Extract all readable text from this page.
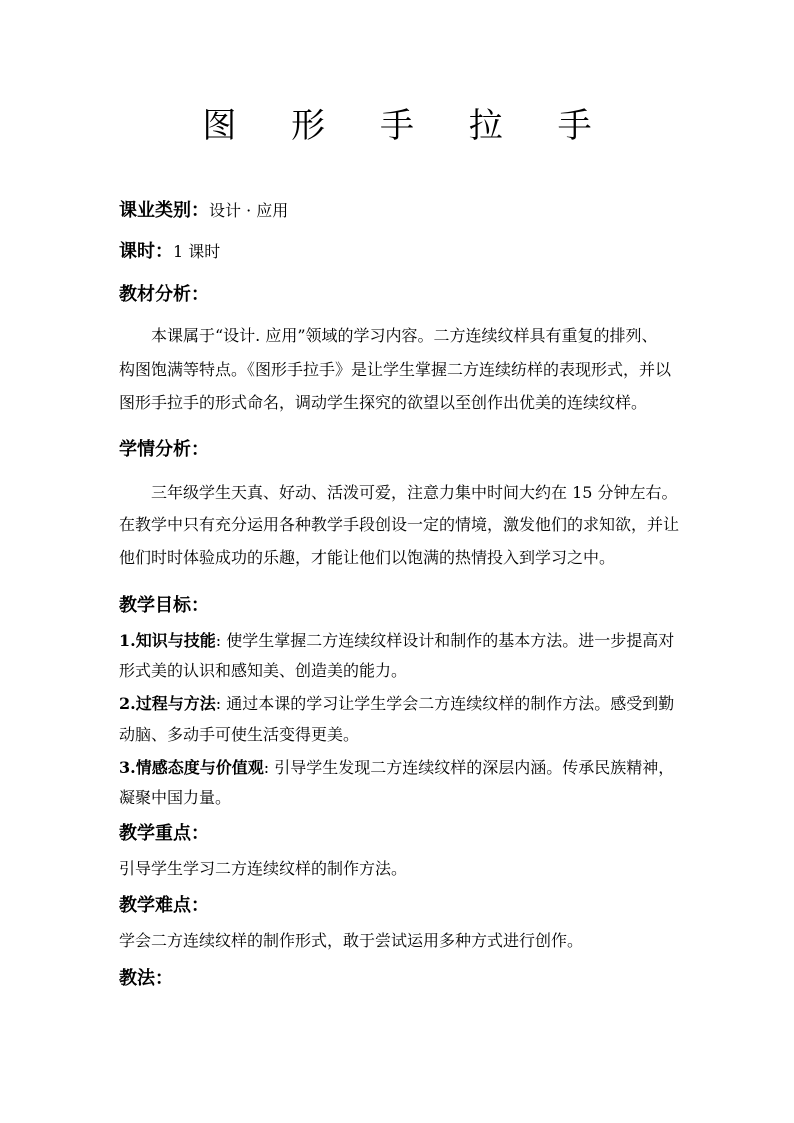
图 形 手 拉 手
课业类别：设计 · 应用
课时：1 课时
教材分析：
本课属于“设计. 应用”领域的学习内容。二方连续纹样具有重复的排列、
构图饱满等特点。《图形手拉手》是让学生掌握二方连续纺样的表现形式，并以
图形手拉手的形式命名，调动学生探究的欲望以至创作出优美的连续纹样。
学情分析：
三年级学生天真、好动、活泼可爱，注意力集中时间大约在 15 分钟左右。
在教学中只有充分运用各种教学手段创设一定的情境，激发他们的求知欲，并让
他们时时体验成功的乐趣，才能让他们以饱满的热情投入到学习之中。
教学目标：
1.知识与技能: 使学生掌握二方连续纹样设计和制作的基本方法。进一步提高对
形式美的认识和感知美、创造美的能力。
2.过程与方法: 通过本课的学习让学生学会二方连续纹样的制作方法。感受到勤
动脑、多动手可使生活变得更美。
3.情感态度与价值观: 引导学生发现二方连续纹样的深层内涵。传承民族精神，
凝聚中国力量。
教学重点：
引导学生学习二方连续纹样的制作方法。
教学难点：
学会二方连续纹样的制作形式，敢于尝试运用多种方式进行创作。
教法：
